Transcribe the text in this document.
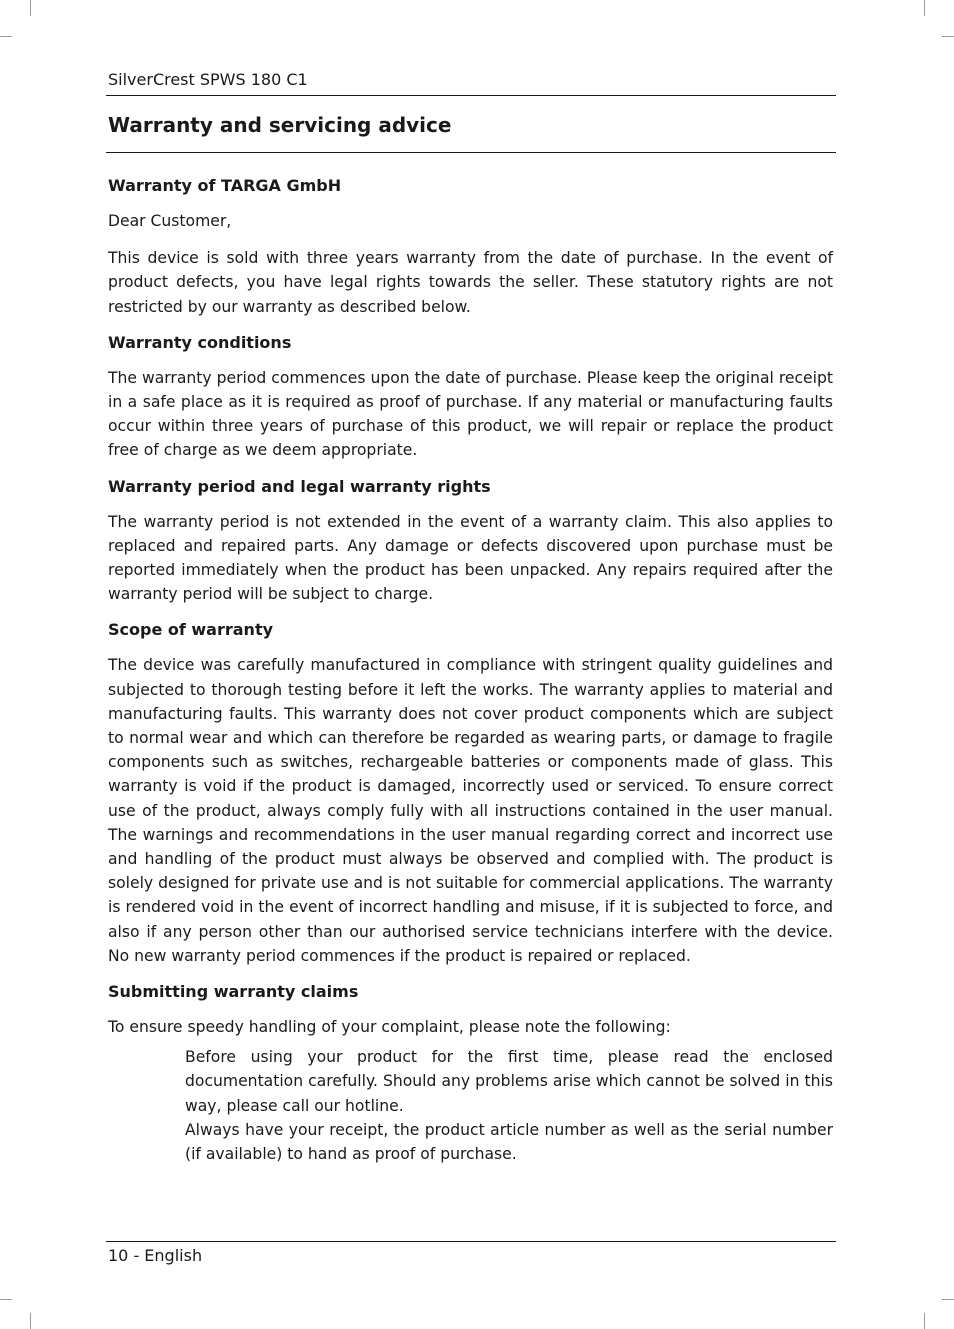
SilverCrest SPWS 180 C1
Warranty and servicing advice
Warranty of TARGA GmbH

Dear Customer,

This device is sold with three years warranty from the date of purchase. In the event of product defects, you have legal rights towards the seller. These statutory rights are not restricted by our warranty as described below.

Warranty conditions

The warranty period commences upon the date of purchase. Please keep the original receipt in a safe place as it is required as proof of purchase. If any material or manufacturing faults occur within three years of purchase of this product, we will repair or replace the product free of charge as we deem appropriate.

Warranty period and legal warranty rights

The warranty period is not extended in the event of a warranty claim. This also applies to replaced and repaired parts. Any damage or defects discovered upon purchase must be reported immediately when the product has been unpacked. Any repairs required after the warranty period will be subject to charge.

Scope of warranty

The device was carefully manufactured in compliance with stringent quality guidelines and subjected to thorough testing before it left the works. The warranty applies to material and manufacturing faults. This warranty does not cover product components which are subject to normal wear and which can therefore be regarded as wearing parts, or damage to fragile components such as switches, rechargeable batteries or components made of glass. This warranty is void if the product is damaged, incorrectly used or serviced. To ensure correct use of the product, always comply fully with all instructions contained in the user manual. The warnings and recommendations in the user manual regarding correct and incorrect use and handling of the product must always be observed and complied with. The product is solely designed for private use and is not suitable for commercial applications. The warranty is rendered void in the event of incorrect handling and misuse, if it is subjected to force, and also if any person other than our authorised service technicians interfere with the device. No new warranty period commences if the product is repaired or replaced.

Submitting warranty claims

To ensure speedy handling of your complaint, please note the following:

Before using your product for the first time, please read the enclosed documentation carefully. Should any problems arise which cannot be solved in this way, please call our hotline.
Always have your receipt, the product article number as well as the serial number (if available) to hand as proof of purchase.
10 - English
